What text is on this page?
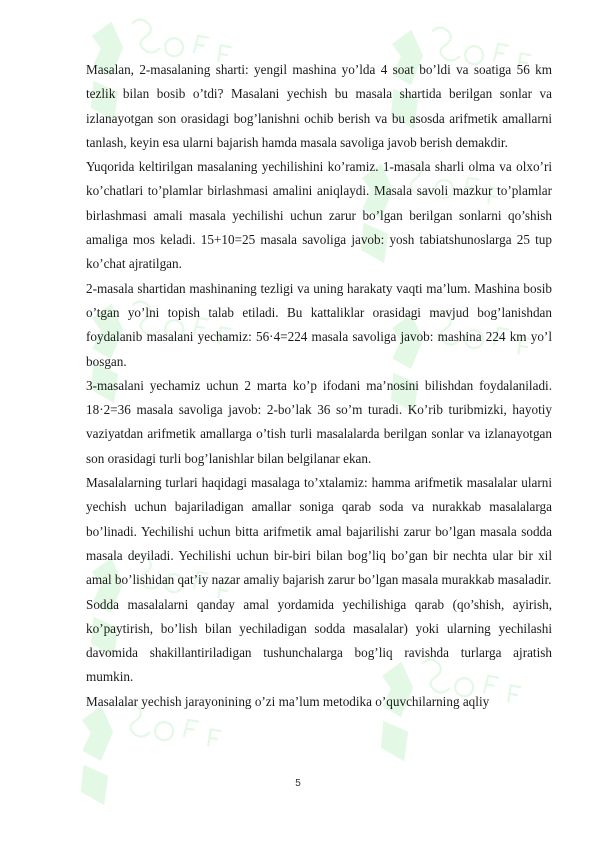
Masalan, 2-masalaning sharti: yengil mashina yo’lda 4 soat bo’ldi va soatiga 56 km tezlik bilan bosib o’tdi? Masalani yechish bu masala shartida berilgan sonlar va izlanayotgan son orasidagi bog’lanishni ochib berish va bu asosda arifmetik amallarni tanlash, keyin esa ularni bajarish hamda masala savoliga javob berish demakdir.

Yuqorida keltirilgan masalaning yechilishini ko’ramiz. 1-masala sharli olma va olxo’ri ko’chatlari to’plamlar birlashmasi amalini aniqlaydi. Masala savoli mazkur to’plamlar birlashmasi amali masala yechilishi uchun zarur bo’lgan berilgan sonlarni qo’shish amaliga mos keladi. 15+10=25 masala savoliga javob: yosh tabiatshunoslarga 25 tup ko’chat ajratilgan.

2-masala shartidan mashinaning tezligi va uning harakaty vaqti ma’lum. Mashina bosib o’tgan yo’lni topish talab etiladi. Bu kattaliklar orasidagi mavjud bog’lanishdan foydalanib masalani yechamiz: 56·4=224 masala savoliga javob: mashina 224 km yo’l bosgan.

3-masalani yechamiz uchun 2 marta ko’p ifodani ma’nosini bilishdan foydalaniladi. 18·2=36 masala savoliga javob: 2-bo’lak 36 so’m turadi. Ko’rib turibmizki, hayotiy vaziyatdan arifmetik amallarga o’tish turli masalalarda berilgan sonlar va izlanayotgan son orasidagi turli bog’lanishlar bilan belgilanar ekan.

Masalalarning turlari haqidagi masalaga to’xtalamiz: hamma arifmetik masalalar ularni yechish uchun bajariladigan amallar soniga qarab soda va nurakkab masalalarga bo’linadi. Yechilishi uchun bitta arifmetik amal bajarilishi zarur bo’lgan masala sodda masala deyiladi. Yechilishi uchun bir-biri bilan bog’liq bo’gan bir nechta ular bir xil amal bo’lishidan qat’iy nazar amaliy bajarish zarur bo’lgan masala murakkab masaladir.

Sodda masalalarni qanday amal yordamida yechilishiga qarab (qo’shish, ayirish, ko’paytirish, bo’lish bilan yechiladigan sodda masalalar) yoki ularning yechilashi davomida shakillantiriladigan tushunchalarga bog’liq ravishda turlarga ajratish mumkin.

Masalalar yechish jarayonining o’zi ma’lum metodika o’quvchilarning aqliy

5
